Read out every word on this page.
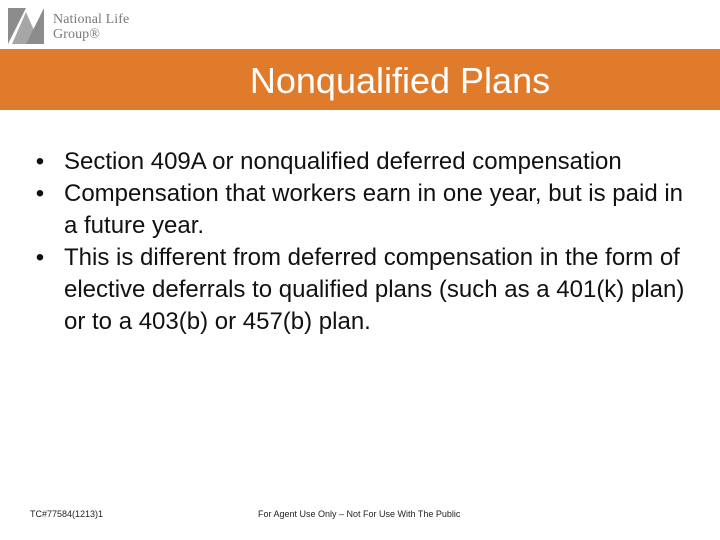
National Life
Group®
Nonqualified Plans
• Section 409A or nonqualified deferred compensation
• Compensation that workers earn in one year, but is paid in a future year.
• This is different from deferred compensation in the form of elective deferrals to qualified plans (such as a 401(k) plan) or to a 403(b) or 457(b) plan.
TC#77584(1213)1	For Agent Use Only – Not For Use With The Public
